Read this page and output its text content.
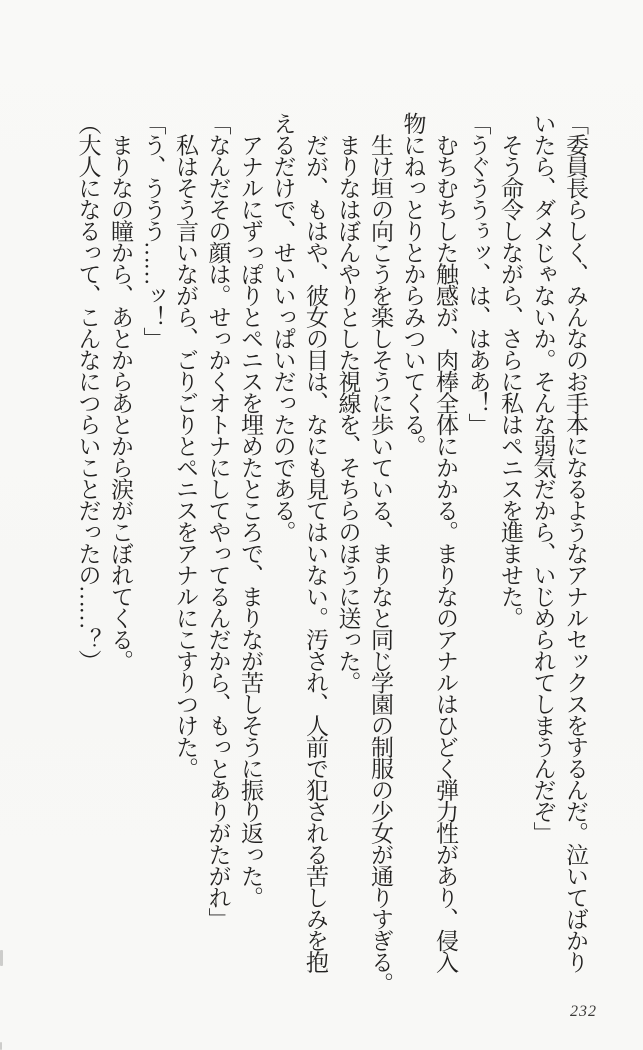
「委員長らしく、みんなのお手本になるようなアナルセックスをするんだ。泣いてばかり
いたら、ダメじゃないか。そんな弱気だから、いじめられてしまうんだぞ」
　そう命令しながら、さらに私はペニスを進ませた。
「うぐううぅッ、は、はああ！」
　むちむちした触感が、肉棒全体にかかる。まりなのアナルはひどく弾力性があり、侵入
物にねっとりとからみついてくる。
　生け垣の向こうを楽しそうに歩いている、まりなと同じ学園の制服の少女が通りすぎる。
　まりなはぼんやりとした視線を、そちらのほうに送った。
　だが、もはや、彼女の目は、なにも見てはいない。汚され、人前で犯される苦しみを抱
えるだけで、せいいっぱいだったのである。
　アナルにずっぽりとペニスを埋めたところで、まりなが苦しそうに振り返った。
「なんだその顔は。せっかくオトナにしてやってるんだから、もっとありがたがれ」
　私はそう言いながら、ごりごりとペニスをアナルにこすりつけた。
「う、ううう……ッ！」
　まりなの瞳から、あとからあとから涙がこぼれてくる。
（大人になるって、こんなにつらいことだったの……？）
232
